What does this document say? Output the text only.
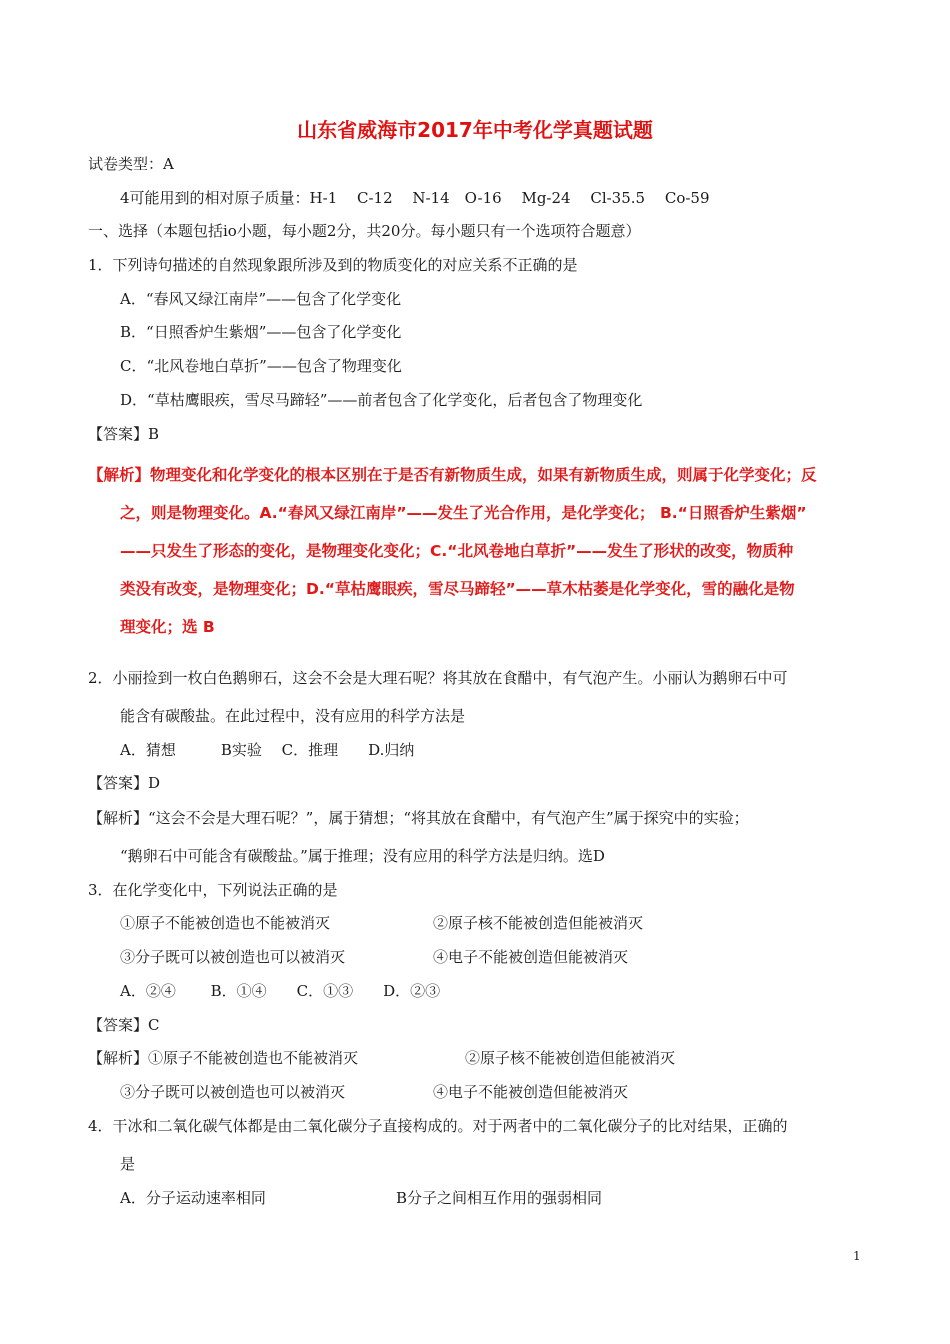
山东省威海市2017年中考化学真题试题
试卷类型：A
4可能用到的相对原子质量：H-1　 C-12　 N-14　O-16　 Mg-24　 Cl-35.5　 Co-59
一、选择（本题包括io小题，每小题2分，共20分。每小题只有一个选项符合题意）
1．下列诗句描述的自然现象跟所涉及到的物质变化的对应关系不正确的是
A．“春风又绿江南岸”——包含了化学变化
B．“日照香炉生紫烟”——包含了化学变化
C．“北风卷地白草折”——包含了物理变化
D．“草枯鹰眼疾，雪尽马蹄轻”——前者包含了化学变化，后者包含了物理变化
【答案】B
【解析】物理变化和化学变化的根本区别在于是否有新物质生成，如果有新物质生成，则属于化学变化；反
之，则是物理变化。A.“春风又绿江南岸”——发生了光合作用，是化学变化； B.“日照香炉生紫烟”
——只发生了形态的变化，是物理变化变化；C.“北风卷地白草折”——发生了形状的改变，物质种
类没有改变，是物理变化；D.“草枯鹰眼疾，雪尽马蹄轻”——草木枯萎是化学变化，雪的融化是物
理变化；选 B
2．小丽捡到一枚白色鹅卵石，这会不会是大理石呢？将其放在食醋中，有气泡产生。小丽认为鹅卵石中可
能含有碳酸盐。在此过程中，没有应用的科学方法是
A．猜想　　　B实验　 C．推理　　D.归纳
【答案】D
【解析】“这会不会是大理石呢？”，属于猜想；“将其放在食醋中，有气泡产生”属于探究中的实验；
“鹅卵石中可能含有碳酸盐。”属于推理；没有应用的科学方法是归纳。选D
3．在化学变化中，下列说法正确的是
①原子不能被创造也不能被消灭	②原子核不能被创造但能被消灭
③分子既可以被创造也可以被消灭	④电子不能被创造但能被消灭
A．②④　　 B．①④　　C．①③　　D．②③
【答案】C
【解析】①原子不能被创造也不能被消灭	②原子核不能被创造但能被消灭
③分子既可以被创造也可以被消灭	④电子不能被创造但能被消灭
4．干冰和二氧化碳气体都是由二氧化碳分子直接构成的。对于两者中的二氧化碳分子的比对结果，正确的
是
A．分子运动速率相同	B分子之间相互作用的强弱相同
1
